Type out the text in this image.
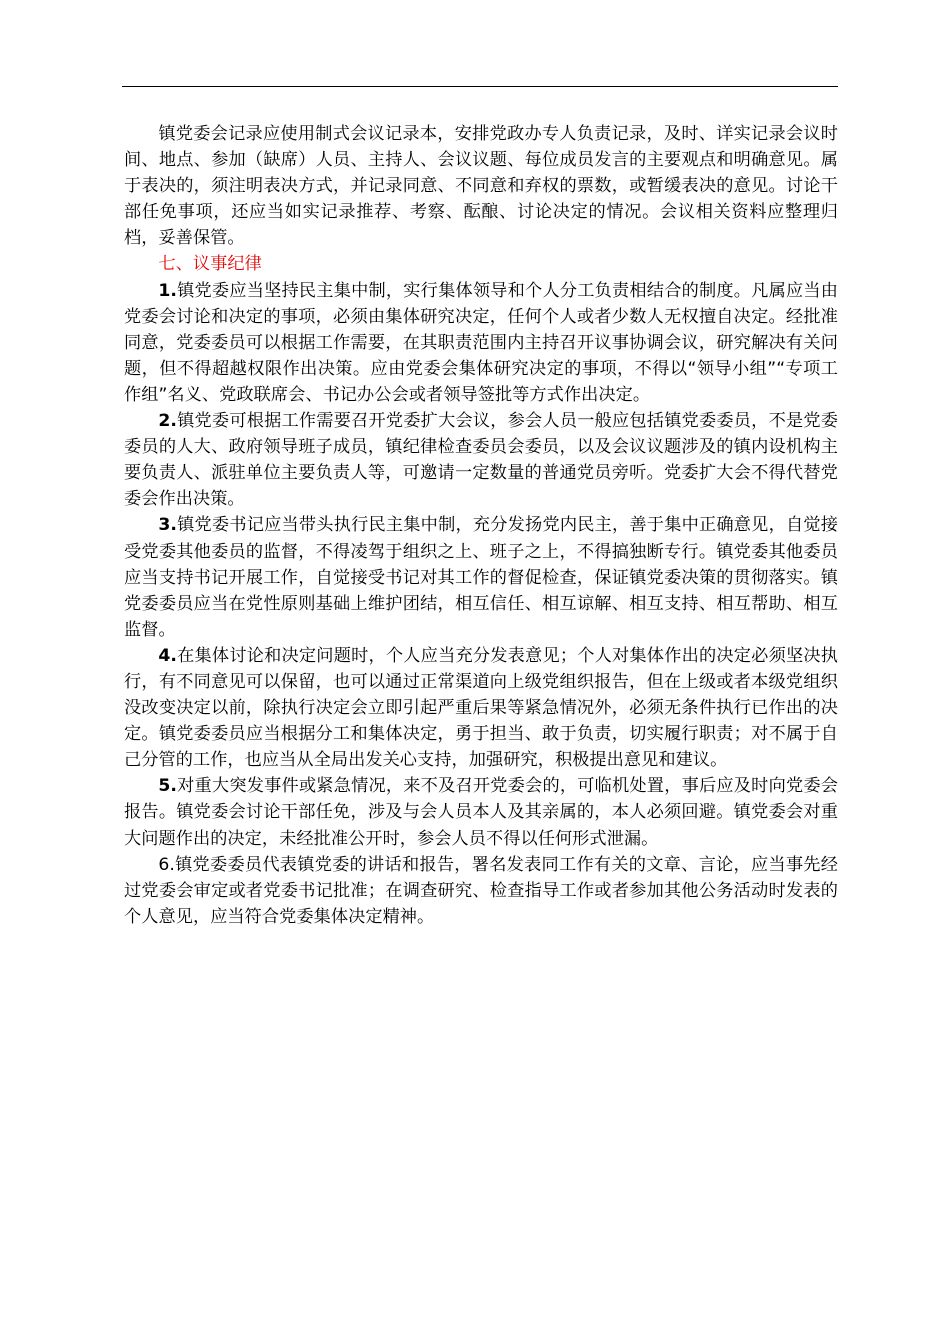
镇党委会记录应使用制式会议记录本，安排党政办专人负责记录，及时、详实记录会议时间、地点、参加（缺席）人员、主持人、会议议题、每位成员发言的主要观点和明确意见。属于表决的，须注明表决方式，并记录同意、不同意和弃权的票数，或暂缓表决的意见。讨论干部任免事项，还应当如实记录推荐、考察、酝酿、讨论决定的情况。会议相关资料应整理归档，妥善保管。

七、议事纪律

1.镇党委应当坚持民主集中制，实行集体领导和个人分工负责相结合的制度。凡属应当由党委会讨论和决定的事项，必须由集体研究决定，任何个人或者少数人无权擅自决定。经批准同意，党委委员可以根据工作需要，在其职责范围内主持召开议事协调会议，研究解决有关问题，但不得超越权限作出决策。应由党委会集体研究决定的事项，不得以“领导小组”“专项工作组”名义、党政联席会、书记办公会或者领导签批等方式作出决定。

2.镇党委可根据工作需要召开党委扩大会议，参会人员一般应包括镇党委委员，不是党委委员的人大、政府领导班子成员，镇纪律检查委员会委员，以及会议议题涉及的镇内设机构主要负责人、派驻单位主要负责人等，可邀请一定数量的普通党员旁听。党委扩大会不得代替党委会作出决策。

3.镇党委书记应当带头执行民主集中制，充分发扬党内民主，善于集中正确意见，自觉接受党委其他委员的监督，不得凌驾于组织之上、班子之上，不得搞独断专行。镇党委其他委员应当支持书记开展工作，自觉接受书记对其工作的督促检查，保证镇党委决策的贯彻落实。镇党委委员应当在党性原则基础上维护团结，相互信任、相互谅解、相互支持、相互帮助、相互监督。

4.在集体讨论和决定问题时，个人应当充分发表意见；个人对集体作出的决定必须坚决执行，有不同意见可以保留，也可以通过正常渠道向上级党组织报告，但在上级或者本级党组织没改变决定以前，除执行决定会立即引起严重后果等紧急情况外，必须无条件执行已作出的决定。镇党委委员应当根据分工和集体决定，勇于担当、敢于负责，切实履行职责；对不属于自己分管的工作，也应当从全局出发关心支持，加强研究，积极提出意见和建议。

5.对重大突发事件或紧急情况，来不及召开党委会的，可临机处置，事后应及时向党委会报告。镇党委会讨论干部任免，涉及与会人员本人及其亲属的，本人必须回避。镇党委会对重大问题作出的决定，未经批准公开时，参会人员不得以任何形式泄漏。

6.镇党委委员代表镇党委的讲话和报告，署名发表同工作有关的文章、言论，应当事先经过党委会审定或者党委书记批准；在调查研究、检查指导工作或者参加其他公务活动时发表的个人意见，应当符合党委集体决定精神。
